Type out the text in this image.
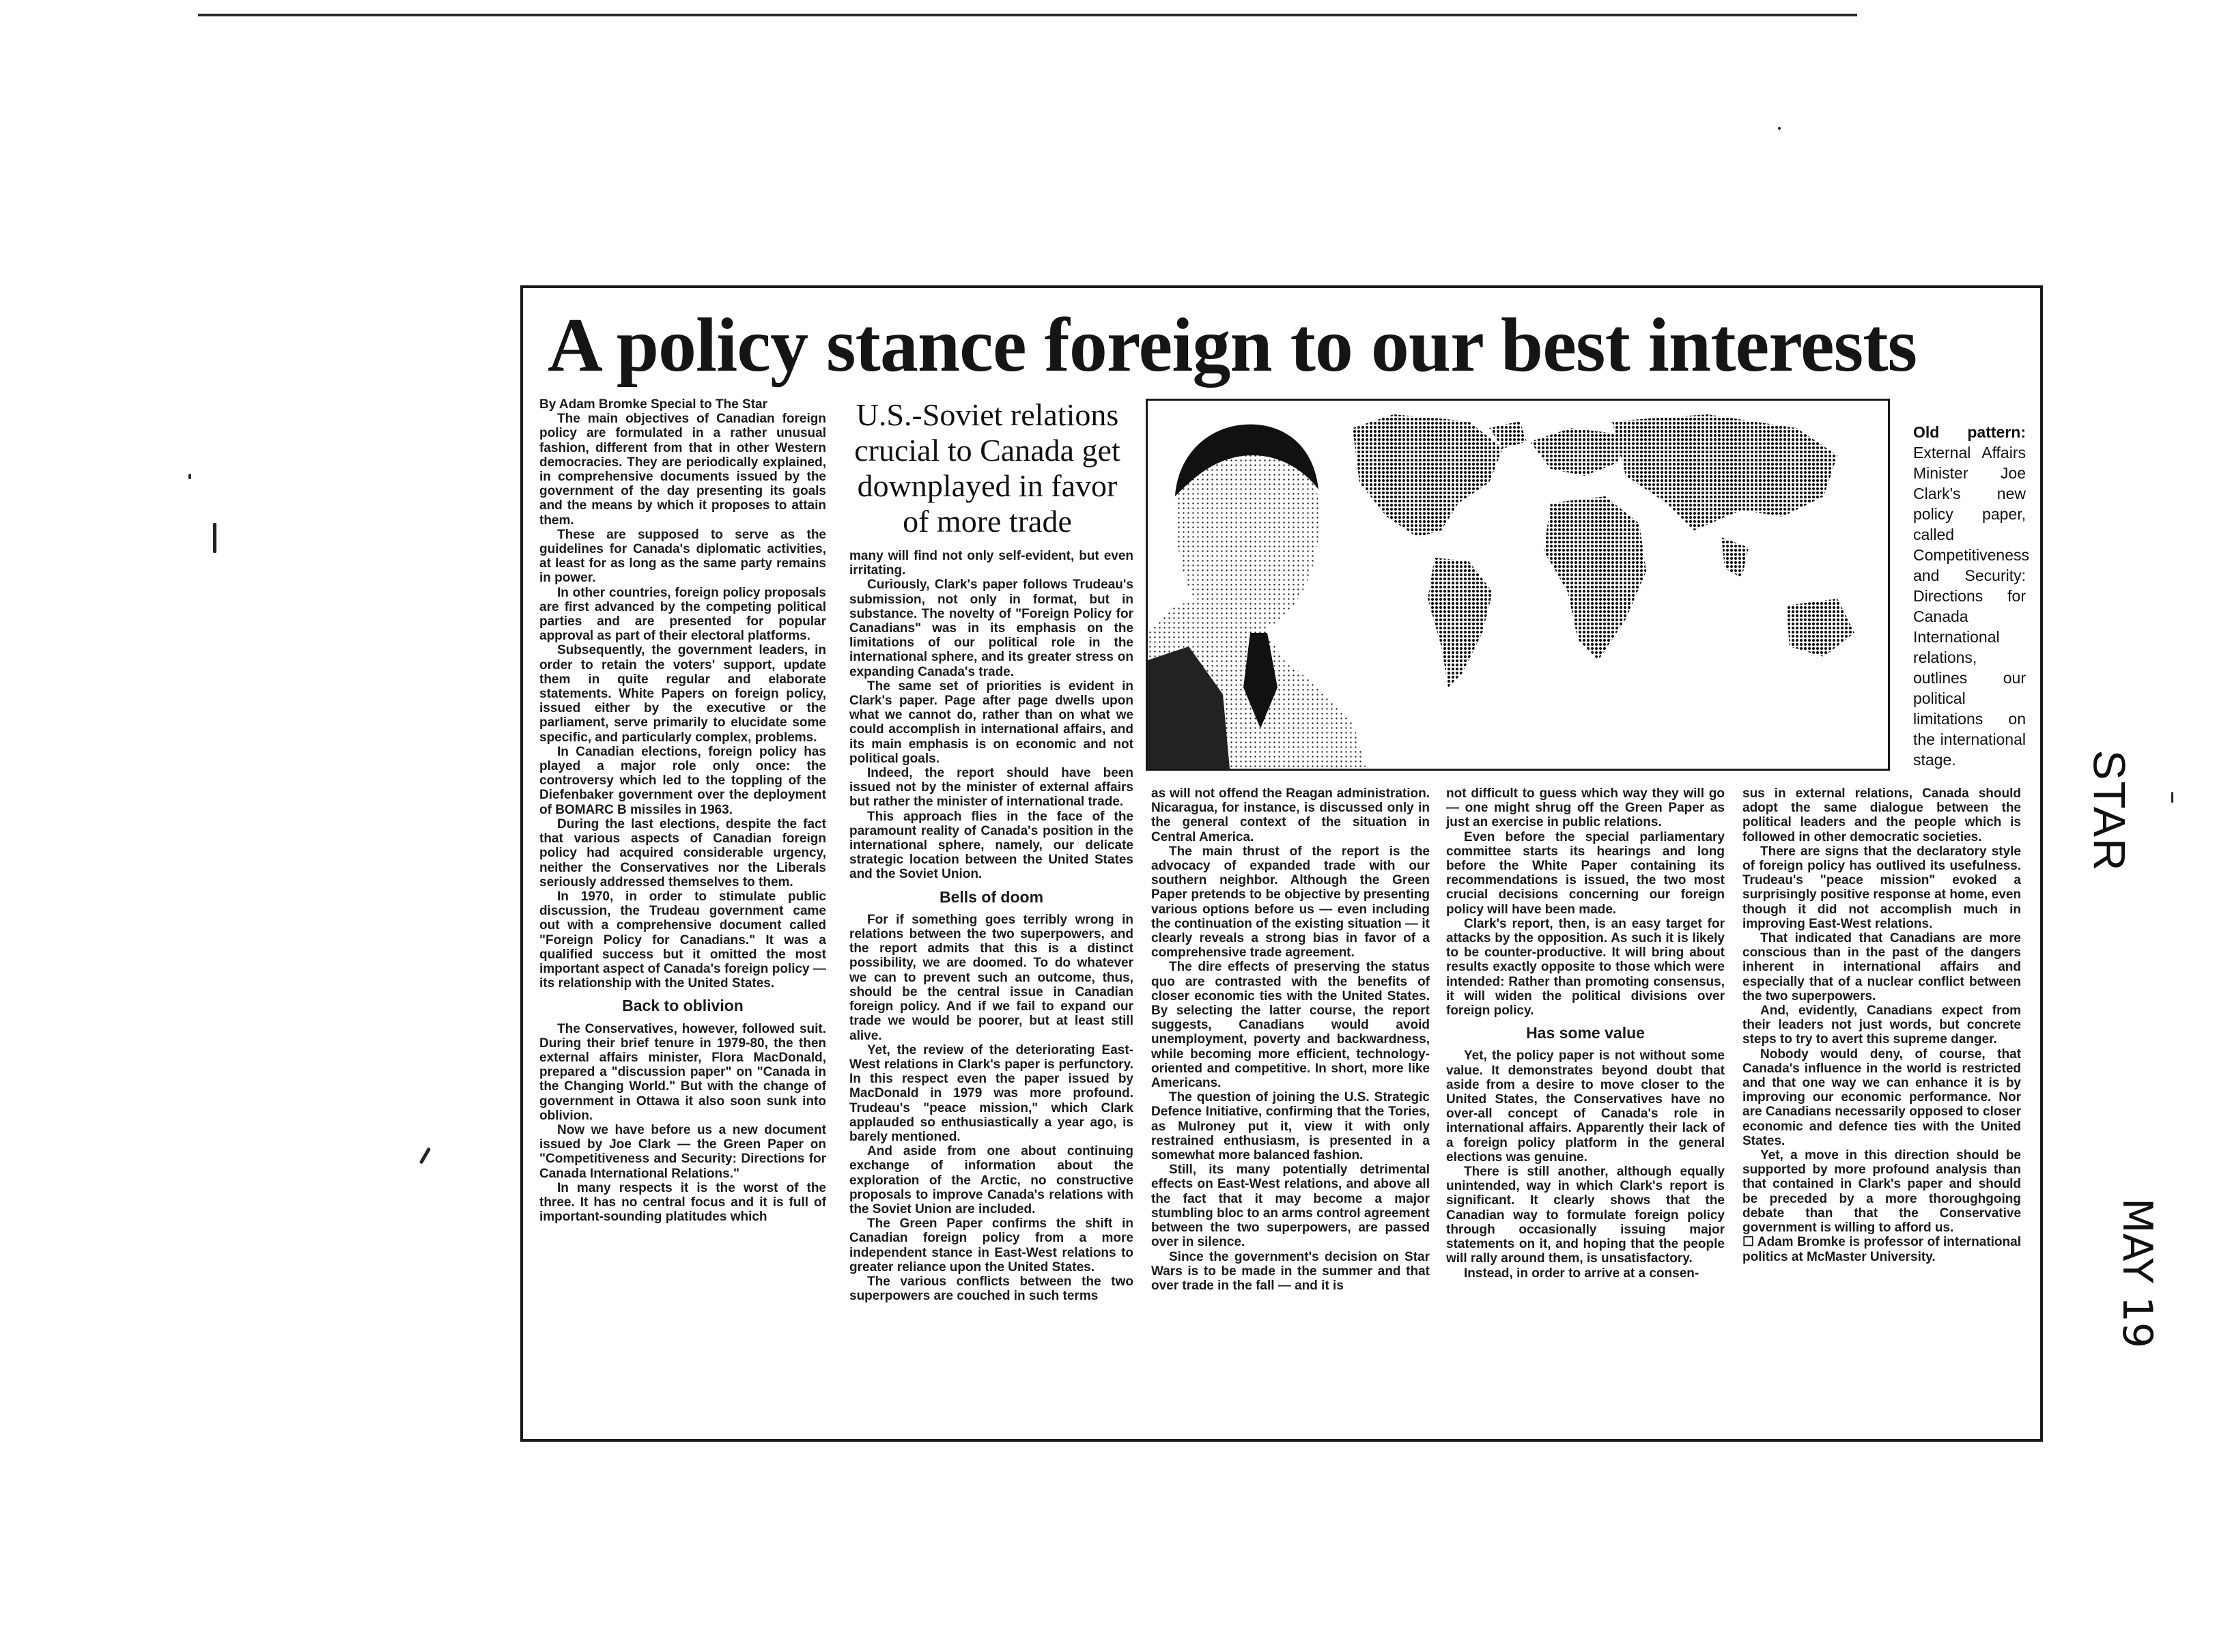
A policy stance foreign to our best interests

By Adam Bromke Special to The Star

The main objectives of Canadian foreign policy are formulated in a rather unusual fashion, different from that in other Western democracies. They are periodically explained, in comprehensive documents issued by the government of the day presenting its goals and the means by which it proposes to attain them.

These are supposed to serve as the guidelines for Canada's diplomatic activities, at least for as long as the same party remains in power.

In other countries, foreign policy proposals are first advanced by the competing political parties and are presented for popular approval as part of their electoral platforms.

Subsequently, the government leaders, in order to retain the voters' support, update them in quite regular and elaborate statements. White Papers on foreign policy, issued either by the executive or the parliament, serve primarily to elucidate some specific, and particularly complex, problems.

In Canadian elections, foreign policy has played a major role only once: the controversy which led to the toppling of the Diefenbaker government over the deployment of BOMARC B missiles in 1963.

During the last elections, despite the fact that various aspects of Canadian foreign policy had acquired considerable urgency, neither the Conservatives nor the Liberals seriously addressed themselves to them.

In 1970, in order to stimulate public discussion, the Trudeau government came out with a comprehensive document called "Foreign Policy for Canadians." It was a qualified success but it omitted the most important aspect of Canada's foreign policy — its relationship with the United States.

Back to oblivion

The Conservatives, however, followed suit. During their brief tenure in 1979-80, the then external affairs minister, Flora MacDonald, prepared a "discussion paper" on "Canada in the Changing World." But with the change of government in Ottawa it also soon sunk into oblivion.

Now we have before us a new document issued by Joe Clark — the Green Paper on "Competitiveness and Security: Directions for Canada International Relations."

In many respects it is the worst of the three. It has no central focus and it is full of important-sounding platitudes which

U.S.-Soviet relations crucial to Canada get downplayed in favor of more trade

many will find not only self-evident, but even irritating.

Curiously, Clark's paper follows Trudeau's submission, not only in format, but in substance. The novelty of "Foreign Policy for Canadians" was in its emphasis on the limitations of our political role in the international sphere, and its greater stress on expanding Canada's trade.

The same set of priorities is evident in Clark's paper. Page after page dwells upon what we cannot do, rather than on what we could accomplish in international affairs, and its main emphasis is on economic and not political goals.

Indeed, the report should have been issued not by the minister of external affairs but rather the minister of international trade.

This approach flies in the face of the paramount reality of Canada's position in the international sphere, namely, our delicate strategic location between the United States and the Soviet Union.

Bells of doom

For if something goes terribly wrong in relations between the two superpowers, and the report admits that this is a distinct possibility, we are doomed. To do whatever we can to prevent such an outcome, thus, should be the central issue in Canadian foreign policy. And if we fail to expand our trade we would be poorer, but at least still alive.

Yet, the review of the deteriorating East-West relations in Clark's paper is perfunctory. In this respect even the paper issued by MacDonald in 1979 was more profound. Trudeau's "peace mission," which Clark applauded so enthusiastically a year ago, is barely mentioned.

And aside from one about continuing exchange of information about the exploration of the Arctic, no constructive proposals to improve Canada's relations with the Soviet Union are included.

The Green Paper confirms the shift in Canadian foreign policy from a more independent stance in East-West relations to greater reliance upon the United States.

The various conflicts between the two superpowers are couched in such terms

Old pattern: External Affairs Minister Joe Clark's new policy paper, called Competitiveness and Security: Directions for Canada International relations, outlines our political limitations on the international stage.

as will not offend the Reagan administration. Nicaragua, for instance, is discussed only in the general context of the situation in Central America.

The main thrust of the report is the advocacy of expanded trade with our southern neighbor. Although the Green Paper pretends to be objective by presenting various options before us — even including the continuation of the existing situation — it clearly reveals a strong bias in favor of a comprehensive trade agreement.

The dire effects of preserving the status quo are contrasted with the benefits of closer economic ties with the United States. By selecting the latter course, the report suggests, Canadians would avoid unemployment, poverty and backwardness, while becoming more efficient, technology-oriented and competitive. In short, more like Americans.

The question of joining the U.S. Strategic Defence Initiative, confirming that the Tories, as Mulroney put it, view it with only restrained enthusiasm, is presented in a somewhat more balanced fashion.

Still, its many potentially detrimental effects on East-West relations, and above all the fact that it may become a major stumbling bloc to an arms control agreement between the two superpowers, are passed over in silence.

Since the government's decision on Star Wars is to be made in the summer and that over trade in the fall — and it is

not difficult to guess which way they will go — one might shrug off the Green Paper as just an exercise in public relations.

Even before the special parliamentary committee starts its hearings and long before the White Paper containing its recommendations is issued, the two most crucial decisions concerning our foreign policy will have been made.

Clark's report, then, is an easy target for attacks by the opposition. As such it is likely to be counter-productive. It will bring about results exactly opposite to those which were intended: Rather than promoting consensus, it will widen the political divisions over foreign policy.

Has some value

Yet, the policy paper is not without some value. It demonstrates beyond doubt that aside from a desire to move closer to the United States, the Conservatives have no over-all concept of Canada's role in international affairs. Apparently their lack of a foreign policy platform in the general elections was genuine.

There is still another, although equally unintended, way in which Clark's report is significant. It clearly shows that the Canadian way to formulate foreign policy through occasionally issuing major statements on it, and hoping that the people will rally around them, is unsatisfactory.

Instead, in order to arrive at a consen-

sus in external relations, Canada should adopt the same dialogue between the political leaders and the people which is followed in other democratic societies.

There are signs that the declaratory style of foreign policy has outlived its usefulness. Trudeau's "peace mission" evoked a surprisingly positive response at home, even though it did not accomplish much in improving East-West relations.

That indicated that Canadians are more conscious than in the past of the dangers inherent in international affairs and especially that of a nuclear conflict between the two superpowers.

And, evidently, Canadians expect from their leaders not just words, but concrete steps to try to avert this supreme danger.

Nobody would deny, of course, that Canada's influence in the world is restricted and that one way we can enhance it is by improving our economic performance. Nor are Canadians necessarily opposed to closer economic and defence ties with the United States.

Yet, a move in this direction should be supported by more profound analysis than that contained in Clark's paper and should be preceded by a more thoroughgoing debate than that the Conservative government is willing to afford us.

☐ Adam Bromke is professor of international politics at McMaster University.

STAR
MAY 19
